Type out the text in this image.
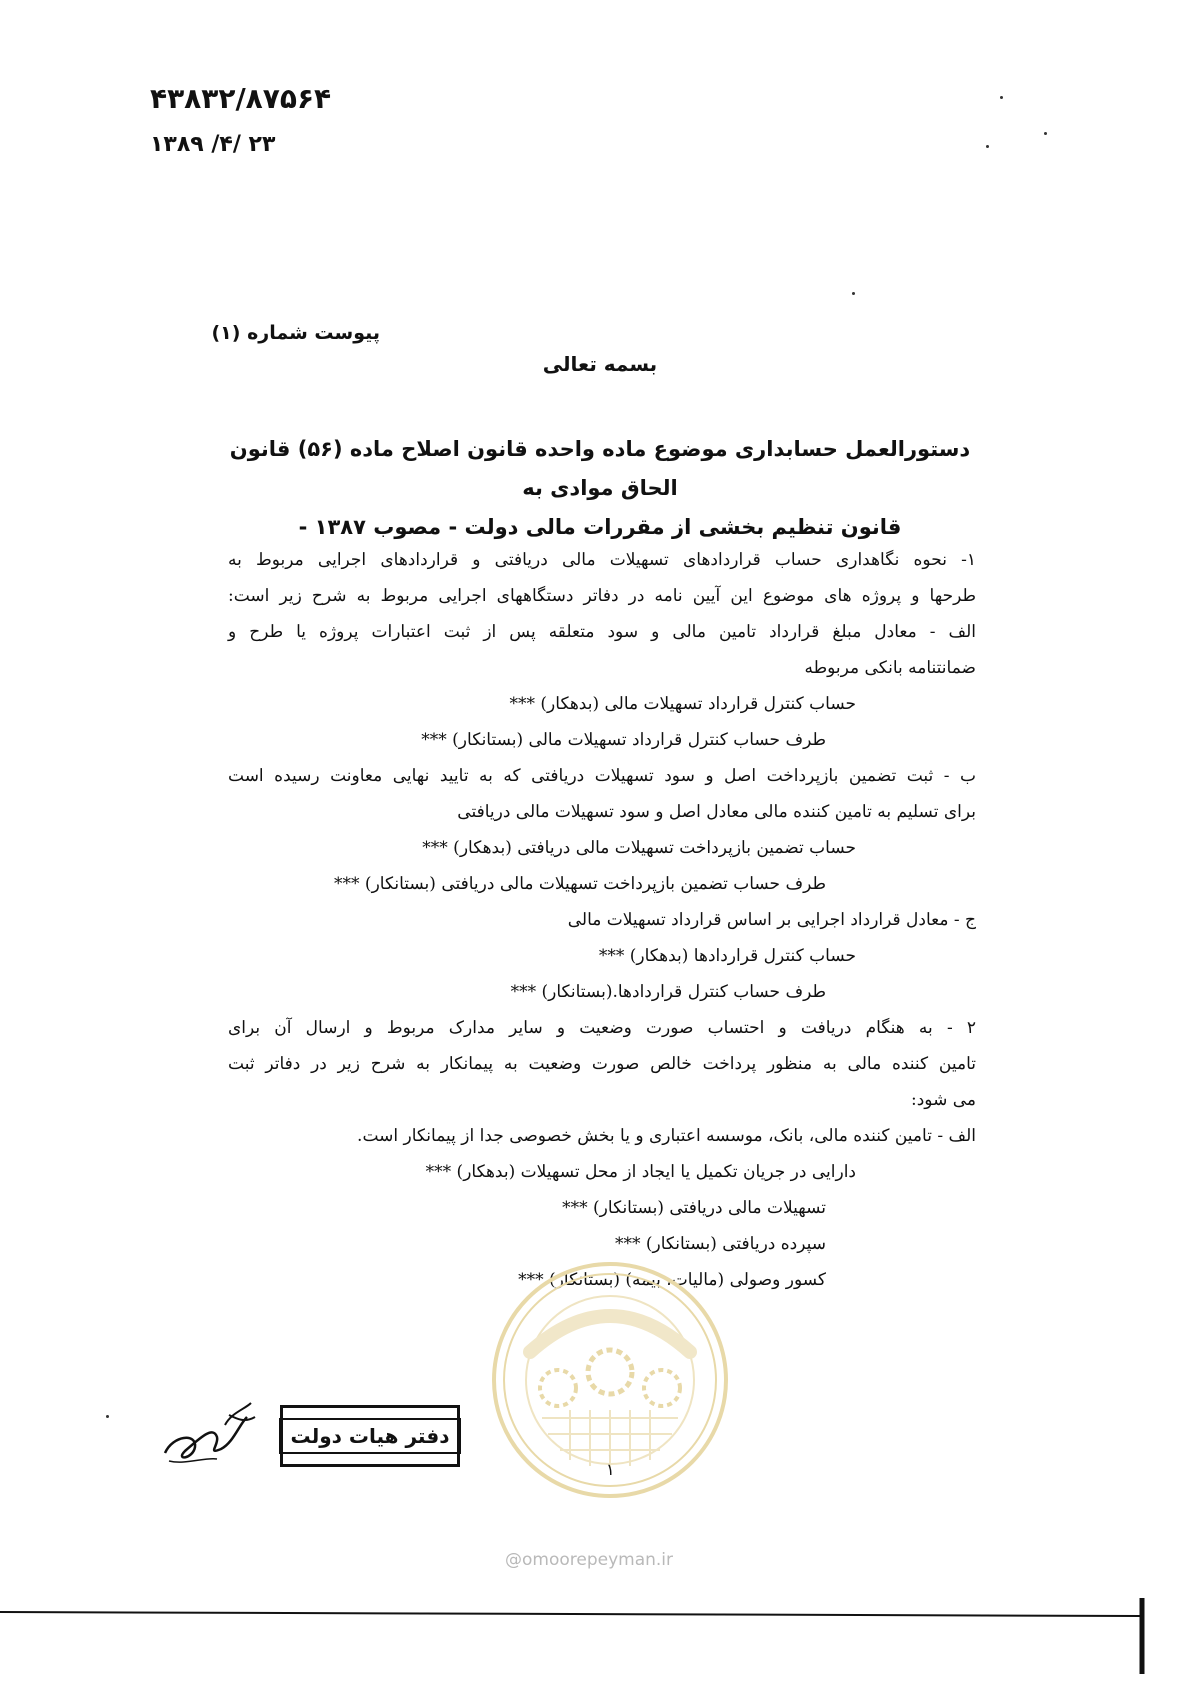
۴۳۸۳۲/۸۷۵۶۴
۱۳۸۹ /۴/ ۲۳
پیوست شماره (۱)
بسمه تعالی
دستورالعمل حسابداری موضوع ماده واحده قانون اصلاح ماده (۵۶) قانون الحاق موادی به
قانون تنظیم بخشی از مقررات مالی دولت - مصوب ۱۳۸۷ -
۱- نحوه نگاهداری حساب قراردادهای تسهیلات مالی دریافتی و قراردادهای اجرایی مربوط به
طرحها و پروژه های موضوع این آیین نامه در دفاتر دستگاههای اجرایی مربوط به شرح زیر است:
الف - معادل مبلغ قرارداد تامین مالی و سود متعلقه پس از ثبت اعتبارات پروژه یا طرح و
ضمانتنامه بانکی مربوطه
حساب کنترل قرارداد تسهیلات مالی (بدهکار) ***
طرف حساب کنترل قرارداد تسهیلات مالی (بستانکار) ***
ب - ثبت تضمین بازپرداخت اصل و سود تسهیلات دریافتی که به تایید نهایی معاونت رسیده است
برای تسلیم به تامین کننده مالی معادل اصل و سود تسهیلات مالی دریافتی
حساب تضمین بازپرداخت تسهیلات مالی دریافتی (بدهکار) ***
طرف حساب تضمین بازپرداخت تسهیلات مالی دریافتی (بستانکار) ***
ج - معادل قرارداد اجرایی بر اساس قرارداد تسهیلات مالی
حساب کنترل قراردادها (بدهکار) ***
طرف حساب کنترل قراردادها.(بستانکار) ***
۲ - به هنگام دریافت و احتساب صورت وضعیت و سایر مدارک مربوط و ارسال آن برای
تامین کننده مالی به منظور پرداخت خالص صورت وضعیت به پیمانکار به شرح زیر در دفاتر ثبت
می شود:
الف - تامین کننده مالی، بانک، موسسه اعتباری و یا بخش خصوصی جدا از پیمانکار است.
دارایی در جریان تکمیل یا ایجاد از محل تسهیلات (بدهکار) ***
تسهیلات مالی دریافتی (بستانکار) ***
سپرده دریافتی (بستانکار) ***
کسور وصولی (مالیات، بیمه) (بستانکار) ***
۱
@omoorepeyman.ir
دفتر هیات دولت
